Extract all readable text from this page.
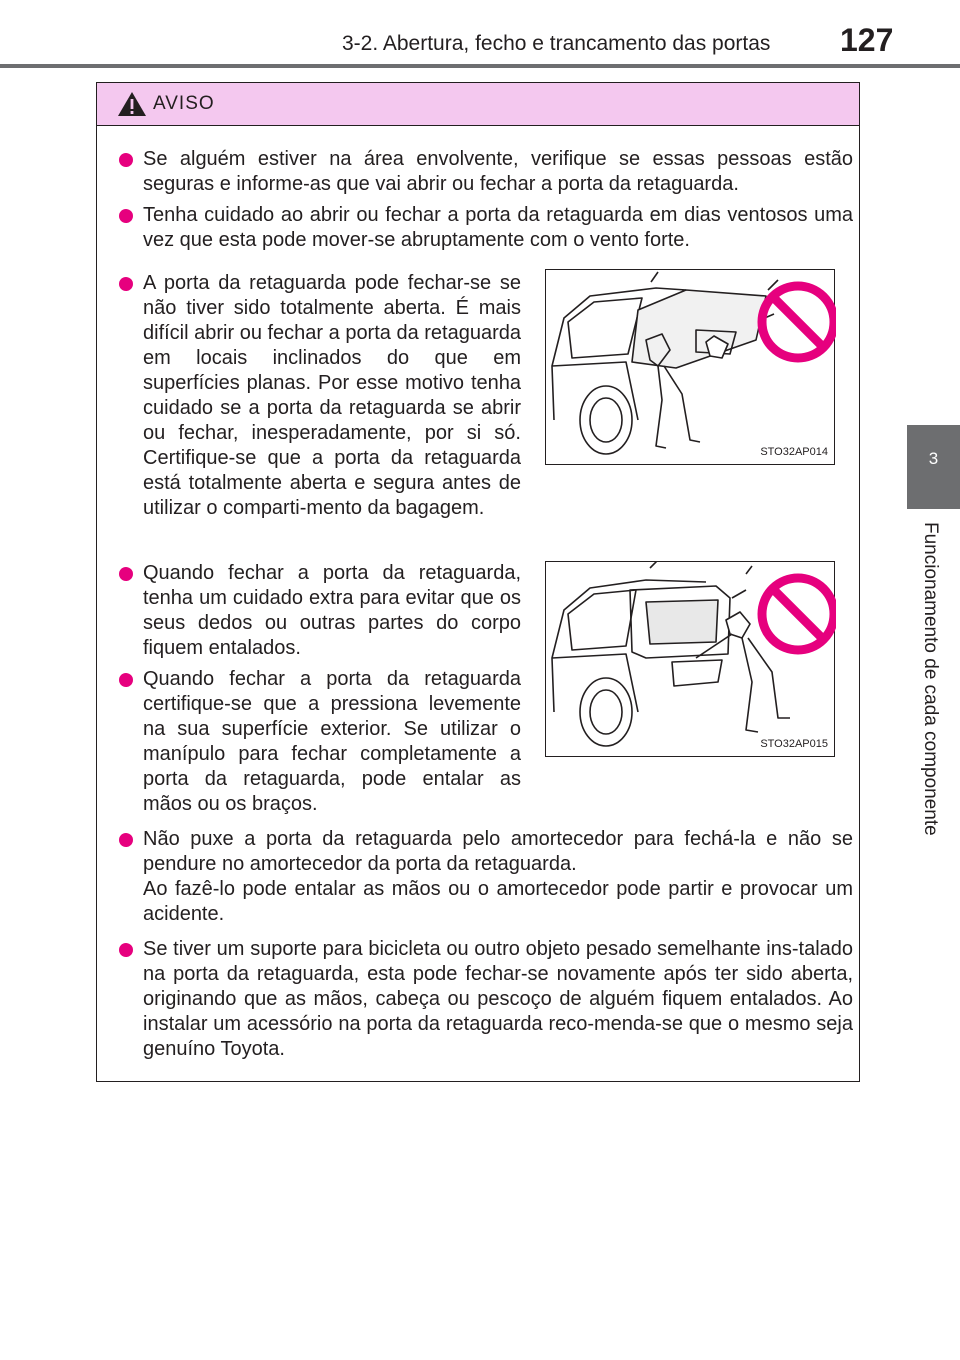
3-2. Abertura, fecho e trancamento das portas 127
3
Funcionamento de cada componente
AVISO

Se alguém estiver na área envolvente, verifique se essas pessoas estão seguras e informe-as que vai abrir ou fechar a porta da retaguarda.

Tenha cuidado ao abrir ou fechar a porta da retaguarda em dias ventosos uma vez que esta pode mover-se abruptamente com o vento forte.

A porta da retaguarda pode fechar-se se não tiver sido totalmente aberta. É mais difícil abrir ou fechar a porta da retaguarda em locais inclinados do que em superfícies planas. Por esse motivo tenha cuidado se a porta da retaguarda se abrir ou fechar, inesperadamente, por si só. Certifique-se que a porta da retaguarda está totalmente aberta e segura antes de utilizar o comparti-mento da bagagem.

Quando fechar a porta da retaguarda, tenha um cuidado extra para evitar que os seus dedos ou outras partes do corpo fiquem entalados.

Quando fechar a porta da retaguarda certifique-se que a pressiona levemente na sua superfície exterior. Se utilizar o manípulo para fechar completamente a porta da retaguarda, pode entalar as mãos ou os braços.

Não puxe a porta da retaguarda pelo amortecedor para fechá-la e não se pendure no amortecedor da porta da retaguarda.

Ao fazê-lo pode entalar as mãos ou o amortecedor pode partir e provocar um acidente.

Se tiver um suporte para bicicleta ou outro objeto pesado semelhante ins-talado na porta da retaguarda, esta pode fechar-se novamente após ter sido aberta, originando que as mãos, cabeça ou pescoço de alguém fiquem entalados. Ao instalar um acessório na porta da retaguarda reco-menda-se que o mesmo seja genuíno Toyota.

STO32AP014
STO32AP015
